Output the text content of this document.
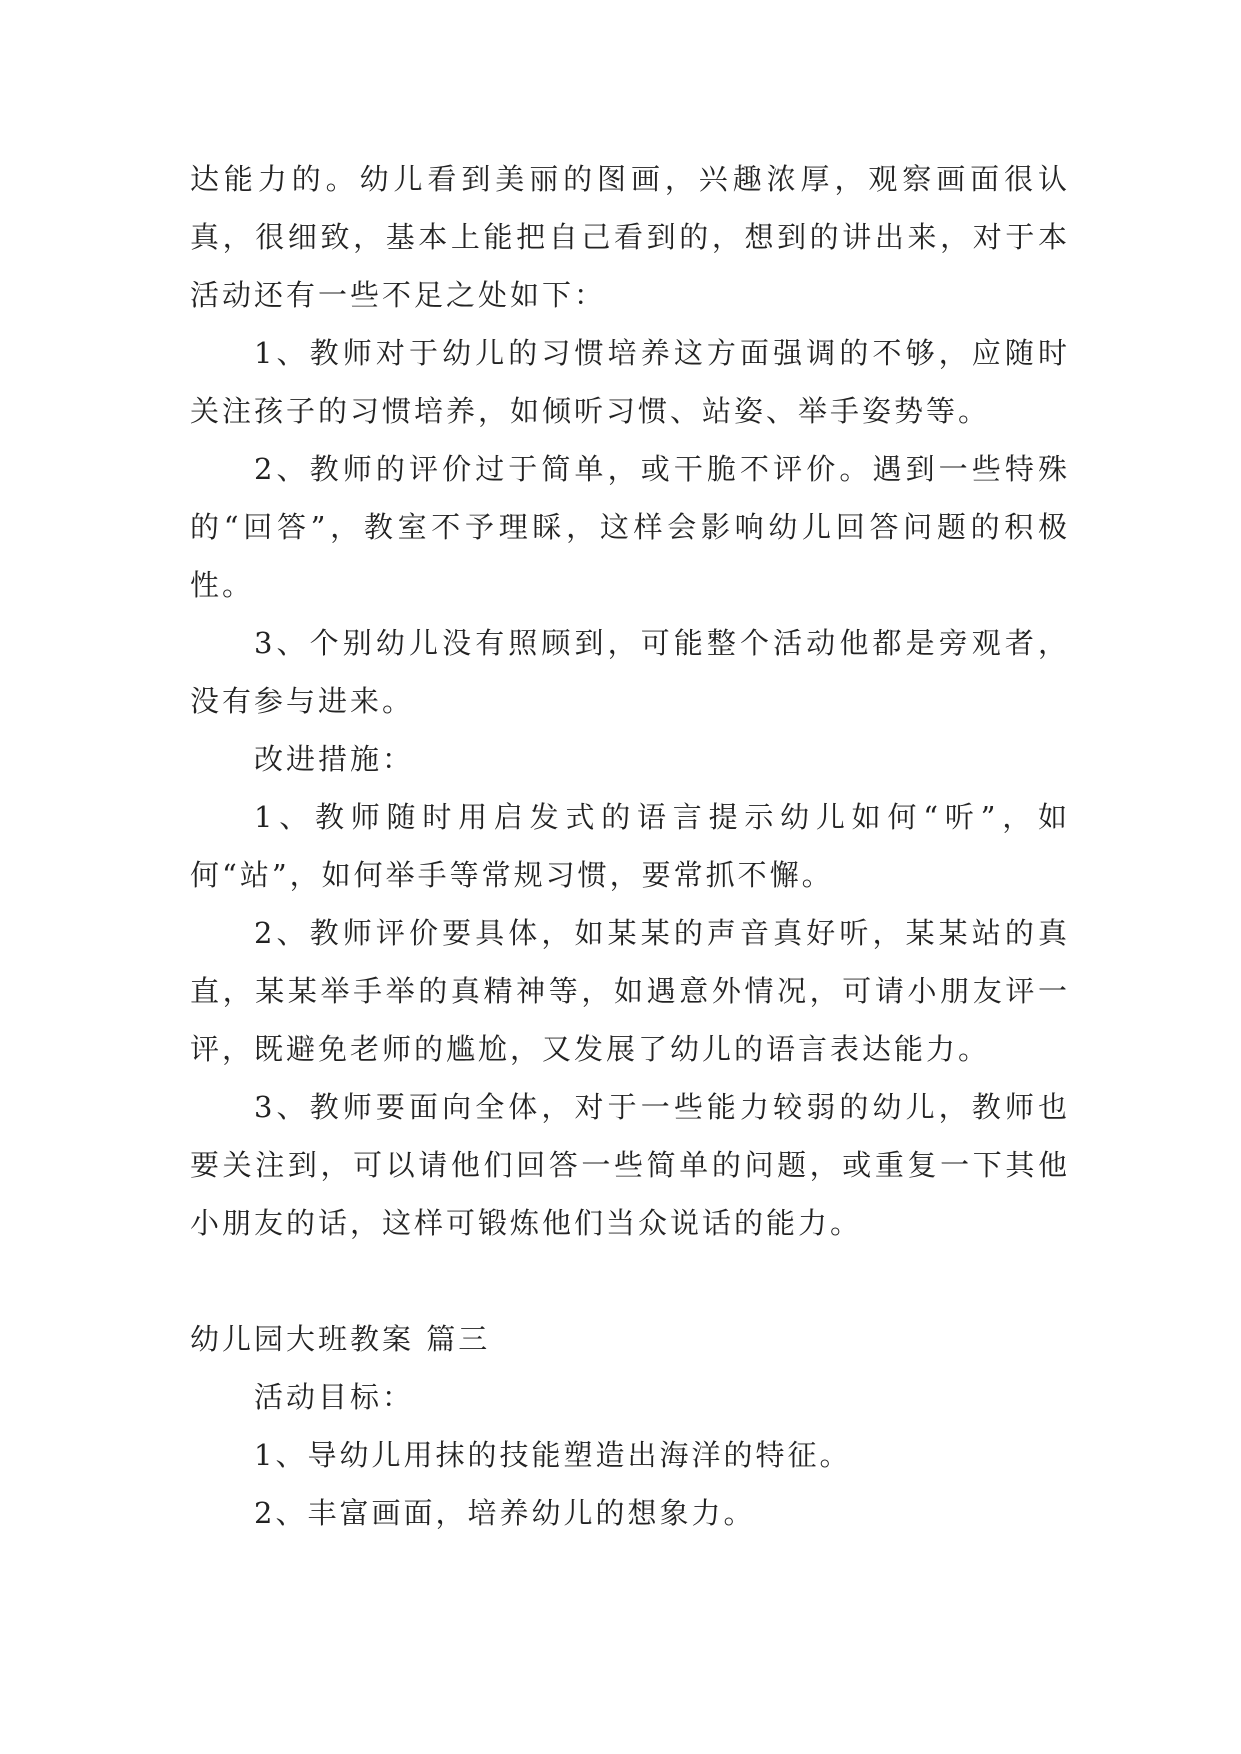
达能力的。幼儿看到美丽的图画，兴趣浓厚，观察画面很认真，很细致，基本上能把自己看到的，想到的讲出来，对于本活动还有一些不足之处如下：

1、教师对于幼儿的习惯培养这方面强调的不够，应随时关注孩子的习惯培养，如倾听习惯、站姿、举手姿势等。

2、教师的评价过于简单，或干脆不评价。遇到一些特殊的“回答”，教室不予理睬，这样会影响幼儿回答问题的积极性。

3、个别幼儿没有照顾到，可能整个活动他都是旁观者，没有参与进来。

改进措施：

1、教师随时用启发式的语言提示幼儿如何“听”，如何“站”，如何举手等常规习惯，要常抓不懈。

2、教师评价要具体，如某某的声音真好听，某某站的真直，某某举手举的真精神等，如遇意外情况，可请小朋友评一评，既避免老师的尴尬，又发展了幼儿的语言表达能力。

3、教师要面向全体，对于一些能力较弱的幼儿，教师也要关注到，可以请他们回答一些简单的问题，或重复一下其他小朋友的话，这样可锻炼他们当众说话的能力。

幼儿园大班教案 篇三

活动目标：

1、导幼儿用抹的技能塑造出海洋的特征。

2、丰富画面，培养幼儿的想象力。
